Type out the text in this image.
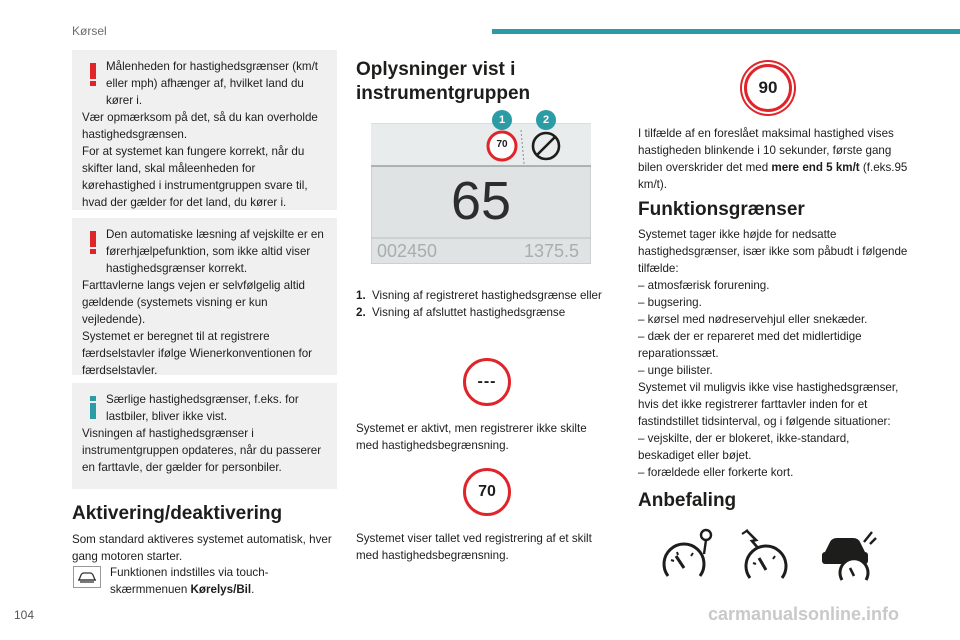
Kørsel

Målenheden for hastighedsgrænser (km/t eller mph) afhænger af, hvilket land du kører i.

Vær opmærksom på det, så du kan overholde hastighedsgrænsen.

For at systemet kan fungere korrekt, når du skifter land, skal måleenheden for kørehastighed i instrumentgruppen svare til, hvad der gælder for det land, du kører i.

Den automatiske læsning af vejskilte er en førerhjælpefunktion, som ikke altid viser hastighedsgrænser korrekt.

Farttavlerne langs vejen er selvfølgelig altid gældende (systemets visning er kun vejledende).

Systemet er beregnet til at registrere færdselstavler ifølge Wienerkonventionen for færdselstavler.

Særlige hastighedsgrænser, f.eks. for lastbiler, bliver ikke vist.

Visningen af hastighedsgrænser i instrumentgruppen opdateres, når du passerer en farttavle, der gælder for personbiler.

Aktivering/deaktivering

Som standard aktiveres systemet automatisk, hver gang motoren starter.

Funktionen indstilles via touch-skærmmenuen Kørelys/Bil.
Oplysninger vist i instrumentgruppen
70
65
002450	1375.5
1	2
1. Visning af registreret hastighedsgrænse eller
2. Visning af afsluttet hastighedsgrænse
---

Systemet er aktivt, men registrerer ikke skilte med hastighedsbegrænsning.

70

Systemet viser tallet ved registrering af et skilt med hastighedsbegrænsning.

90
I tilfælde af en foreslået maksimal hastighed vises hastigheden blinkende i 10 sekunder, første gang bilen overskrider det med mere end 5 km/t (f.eks.95 km/t).
Funktionsgrænser

Systemet tager ikke højde for nedsatte hastighedsgrænser, især ikke som påbudt i følgende tilfælde:

– atmosfærisk forurening.

– bugsering.

– kørsel med nødreservehjul eller snekæder.

– dæk der er repareret med det midlertidige reparationssæt.

– unge bilister.

Systemet vil muligvis ikke vise hastighedsgrænser, hvis det ikke registrerer farttavler inden for et fastindstillet tidsinterval, og i følgende situationer:

– vejskilte, der er blokeret, ikke-standard, beskadiget eller bøjet.

– forældede eller forkerte kort.

Anbefaling
104	carmanualsonline.info
